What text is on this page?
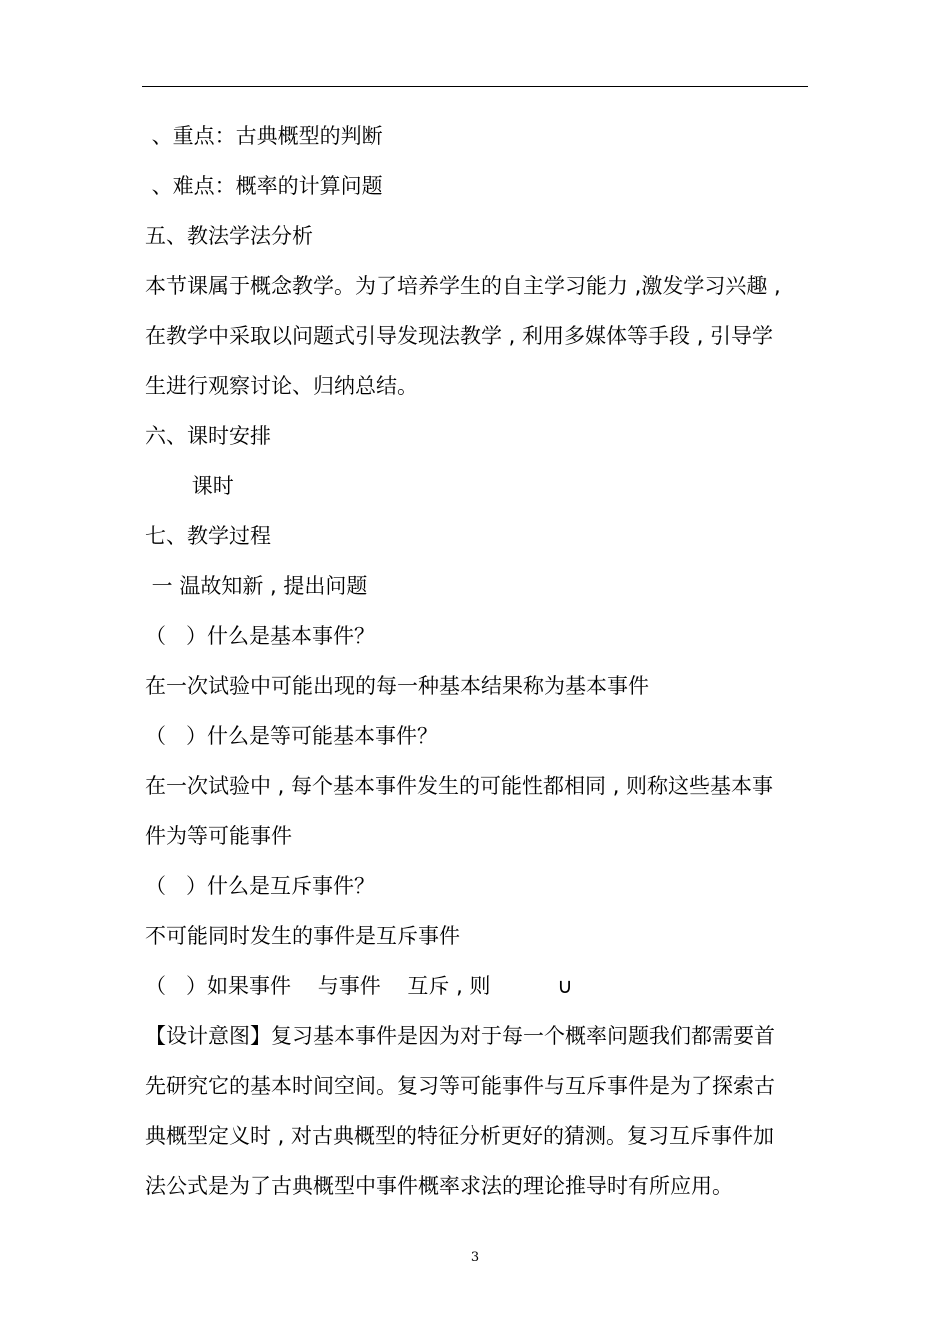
、重点：古典概型的判断
、难点：概率的计算问题
五、教法学法分析
本节课属于概念教学。为了培养学生的自主学习能力 ,激发学习兴趣 ,
在教学中采取以问题式引导发现法教学 , 利用多媒体等手段 , 引导学
生进行观察讨论、归纳总结。
六、课时安排
课时
七、教学过程
一 温故知新 , 提出问题
（   ）什么是基本事件？
在一次试验中可能出现的每一种基本结果称为基本事件
（   ）什么是等可能基本事件？
在一次试验中 , 每个基本事件发生的可能性都相同 , 则称这些基本事
件为等可能事件
（   ）什么是互斥事件？
不可能同时发生的事件是互斥事件
（   ）如果事件    与事件    互斥 , 则          ∪
【设计意图】复习基本事件是因为对于每一个概率问题我们都需要首
先研究它的基本时间空间。复习等可能事件与互斥事件是为了探索古
典概型定义时 , 对古典概型的特征分析更好的猜测。复习互斥事件加
法公式是为了古典概型中事件概率求法的理论推导时有所应用。
3
